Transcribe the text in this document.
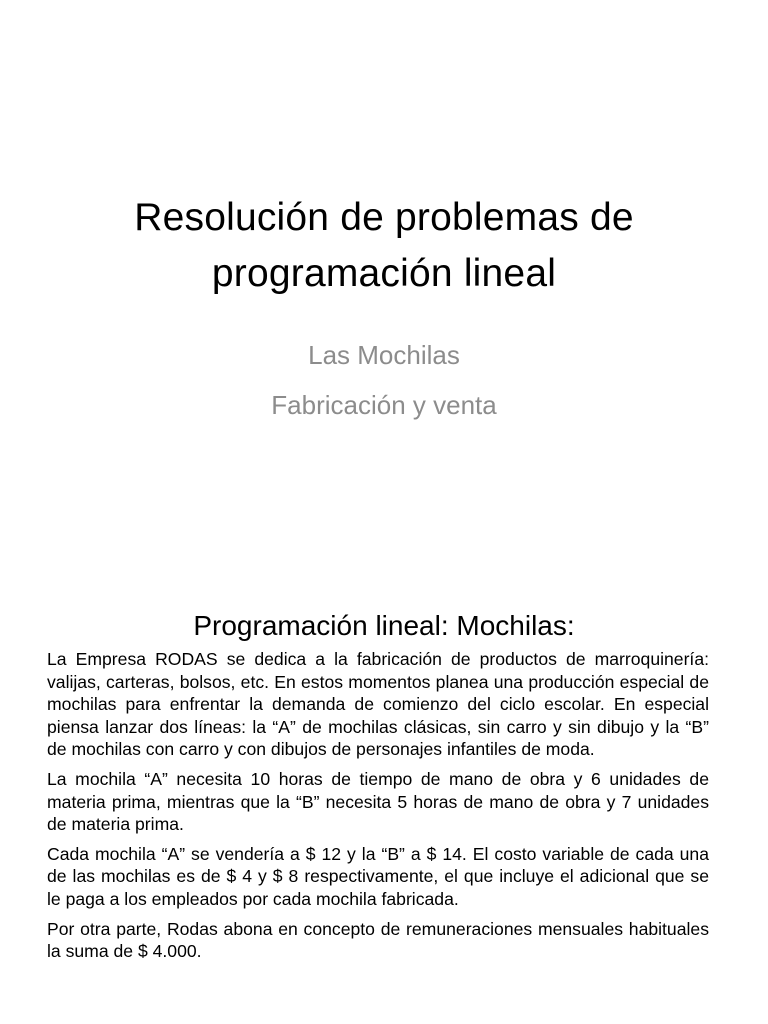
Resolución de problemas de
programación lineal
Las Mochilas
Fabricación y venta
Programación lineal: Mochilas:

La Empresa RODAS se dedica a la fabricación de productos de marroquinería: valijas, carteras, bolsos, etc. En estos momentos planea una producción especial de mochilas para enfrentar la demanda de comienzo del ciclo escolar. En especial piensa lanzar dos líneas: la “A” de mochilas clásicas, sin carro y sin dibujo y la “B” de mochilas con carro y con dibujos de personajes infantiles de moda.

La mochila “A” necesita 10 horas de tiempo de mano de obra y 6 unidades de materia prima, mientras que la “B” necesita 5 horas de mano de obra y 7 unidades de materia prima.

Cada mochila “A” se vendería a $ 12 y la “B” a $ 14. El costo variable de cada una de las mochilas es de $ 4 y $ 8 respectivamente, el que incluye el adicional que se le paga a los empleados por cada mochila fabricada.

Por otra parte, Rodas abona en concepto de remuneraciones mensuales habituales la suma de $ 4.000.
